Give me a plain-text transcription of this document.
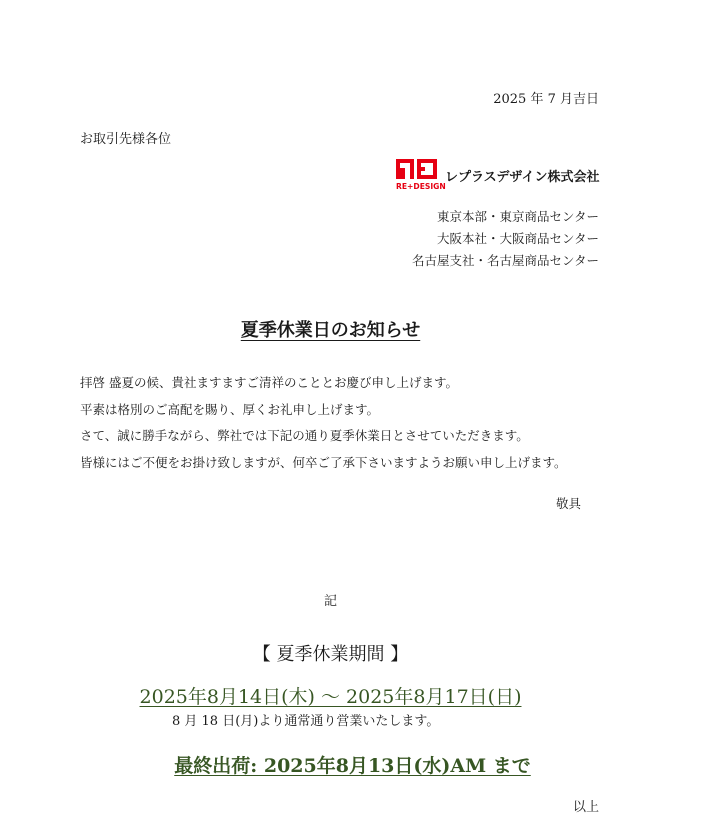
2025 年 7 月吉日
お取引先様各位
RE+DESIGN
レプラスデザイン株式会社
東京本部・東京商品センター
大阪本社・大阪商品センター
名古屋支社・名古屋商品センター
夏季休業日のお知らせ

拝啓 盛夏の候、貴社ますますご清祥のこととお慶び申し上げます。

平素は格別のご高配を賜り、厚くお礼申し上げます。

さて、誠に勝手ながら、弊社では下記の通り夏季休業日とさせていただきます。

皆様にはご不便をお掛け致しますが、何卒ご了承下さいますようお願い申し上げます。

敬具
記
【 夏季休業期間 】
2025年8月14日(木) ～ 2025年8月17日(日)
8 月 18 日(月)より通常通り営業いたします。
最終出荷: 2025年8月13日(水)AM まで
以上
